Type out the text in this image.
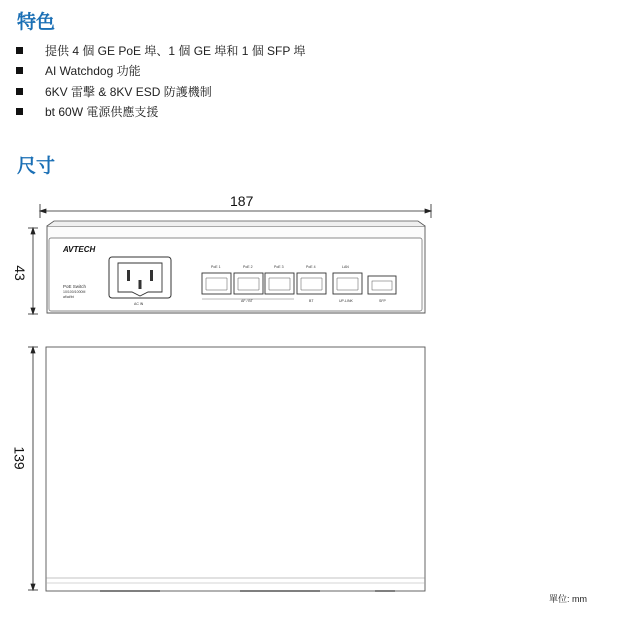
特色
提供 4 個 GE PoE 埠、1 個 GE 埠和 1 個 SFP 埠
AI Watchdog 功能
6KV 雷擊 & 8KV ESD 防護機制
bt 60W 電源供應支援
尺寸
187
43
139
單位: mm
AVTECH
PoE Switch
10/100/1000M
af/at/bt
AC IN
PoE 1	PoE 2	PoE 3	PoE 4	LAN
AF / BT	BT	UP-LINK	SFP
